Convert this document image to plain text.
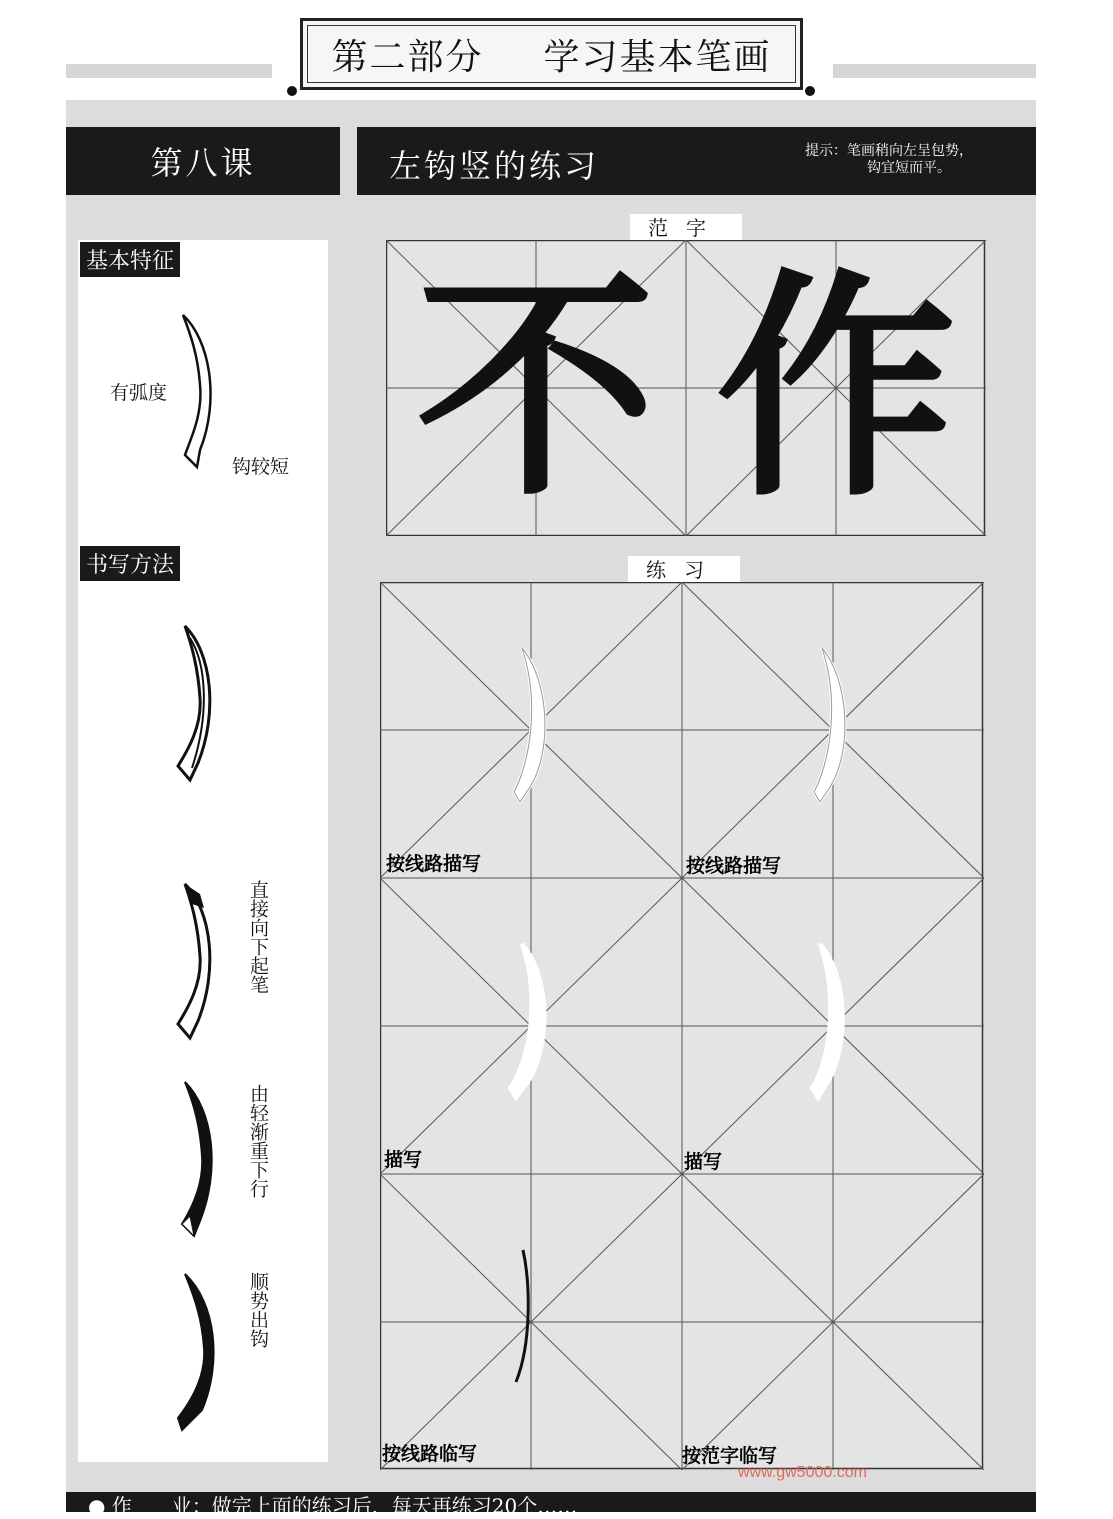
第二部分 学习基本笔画
第八课	左钩竖的练习	提示：笔画稍向左呈包势，
钩宜短而平。
基本特征
有弧度
钩较短
书写方法
直接向下起笔
由轻渐重下行
顺势出钩
范字
不 作
练习
按线路描写	按线路描写
描写	描写
按线路临写	按范字临写
www.gw5000.com
● 作　　业：做完上面的练习后，每天再练习20个……
